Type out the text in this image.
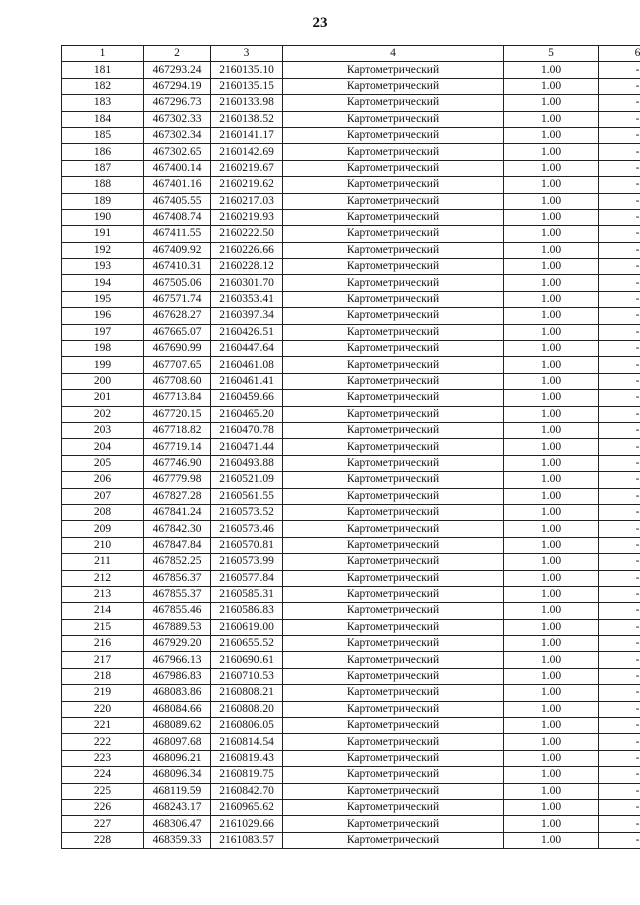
23
1	2	3	4	5	6
181	467293.24	2160135.10	Картометрический	1.00	-
182	467294.19	2160135.15	Картометрический	1.00	-
183	467296.73	2160133.98	Картометрический	1.00	-
184	467302.33	2160138.52	Картометрический	1.00	-
185	467302.34	2160141.17	Картометрический	1.00	-
186	467302.65	2160142.69	Картометрический	1.00	-
187	467400.14	2160219.67	Картометрический	1.00	-
188	467401.16	2160219.62	Картометрический	1.00	-
189	467405.55	2160217.03	Картометрический	1.00	-
190	467408.74	2160219.93	Картометрический	1.00	-
191	467411.55	2160222.50	Картометрический	1.00	-
192	467409.92	2160226.66	Картометрический	1.00	-
193	467410.31	2160228.12	Картометрический	1.00	-
194	467505.06	2160301.70	Картометрический	1.00	-
195	467571.74	2160353.41	Картометрический	1.00	-
196	467628.27	2160397.34	Картометрический	1.00	-
197	467665.07	2160426.51	Картометрический	1.00	-
198	467690.99	2160447.64	Картометрический	1.00	-
199	467707.65	2160461.08	Картометрический	1.00	-
200	467708.60	2160461.41	Картометрический	1.00	-
201	467713.84	2160459.66	Картометрический	1.00	-
202	467720.15	2160465.20	Картометрический	1.00	-
203	467718.82	2160470.78	Картометрический	1.00	-
204	467719.14	2160471.44	Картометрический	1.00	-
205	467746.90	2160493.88	Картометрический	1.00	-
206	467779.98	2160521.09	Картометрический	1.00	-
207	467827.28	2160561.55	Картометрический	1.00	-
208	467841.24	2160573.52	Картометрический	1.00	-
209	467842.30	2160573.46	Картометрический	1.00	-
210	467847.84	2160570.81	Картометрический	1.00	-
211	467852.25	2160573.99	Картометрический	1.00	-
212	467856.37	2160577.84	Картометрический	1.00	-
213	467855.37	2160585.31	Картометрический	1.00	-
214	467855.46	2160586.83	Картометрический	1.00	-
215	467889.53	2160619.00	Картометрический	1.00	-
216	467929.20	2160655.52	Картометрический	1.00	-
217	467966.13	2160690.61	Картометрический	1.00	-
218	467986.83	2160710.53	Картометрический	1.00	-
219	468083.86	2160808.21	Картометрический	1.00	-
220	468084.66	2160808.20	Картометрический	1.00	-
221	468089.62	2160806.05	Картометрический	1.00	-
222	468097.68	2160814.54	Картометрический	1.00	-
223	468096.21	2160819.43	Картометрический	1.00	-
224	468096.34	2160819.75	Картометрический	1.00	-
225	468119.59	2160842.70	Картометрический	1.00	-
226	468243.17	2160965.62	Картометрический	1.00	-
227	468306.47	2161029.66	Картометрический	1.00	-
228	468359.33	2161083.57	Картометрический	1.00	-
